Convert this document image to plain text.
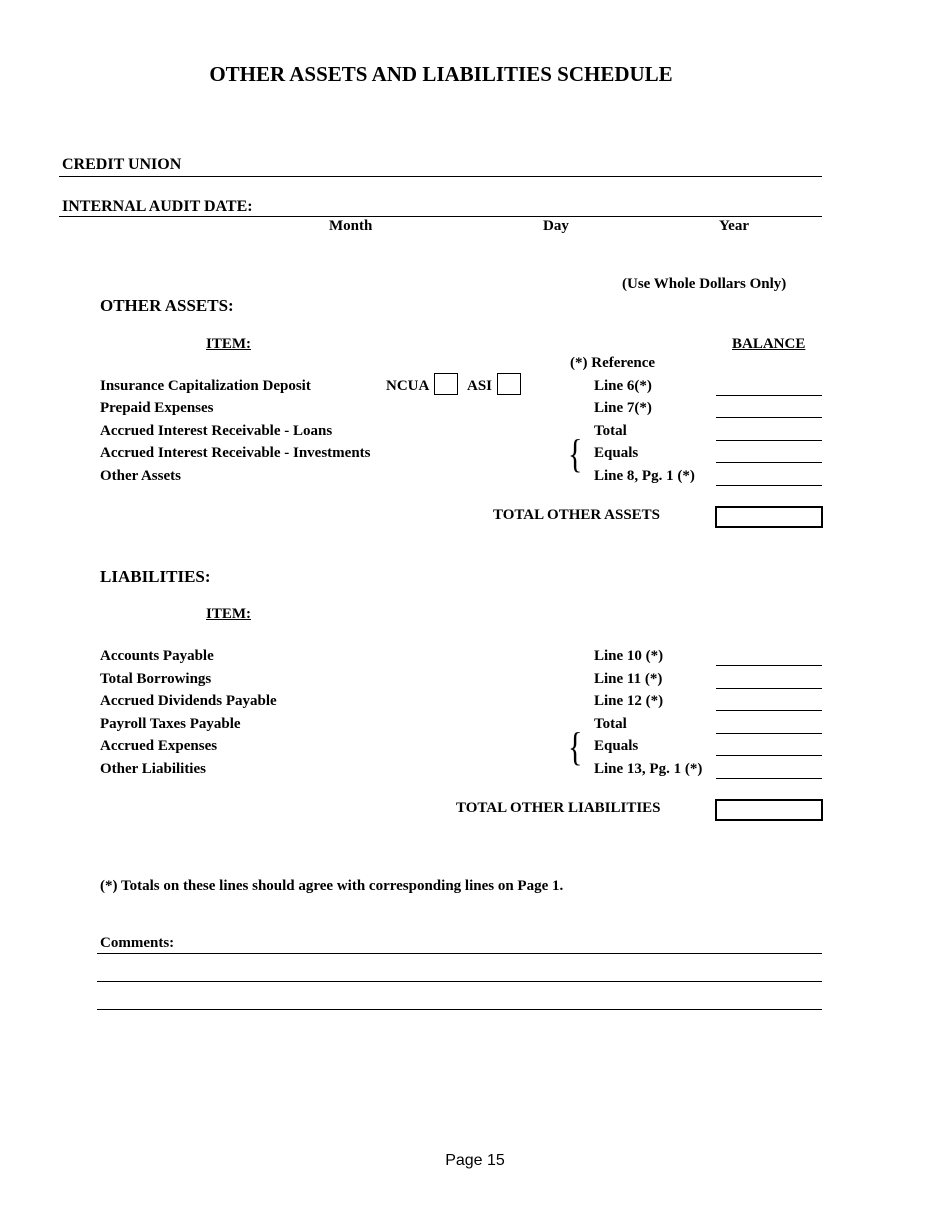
OTHER ASSETS AND LIABILITIES SCHEDULE
CREDIT UNION
INTERNAL AUDIT DATE:
Month	Day	Year
(Use Whole Dollars Only)
OTHER ASSETS:
ITEM:	BALANCE
(*) Reference
Insurance Capitalization Deposit	NCUA	ASI	Line 6(*)
Prepaid Expenses	Line 7(*)
Accrued Interest Receivable - Loans	Total
Accrued Interest Receivable - Investments	{ Equals
Other Assets	Line 8, Pg. 1 (*)
TOTAL OTHER ASSETS
LIABILITIES:
ITEM:
Accounts Payable	Line 10 (*)
Total Borrowings	Line 11 (*)
Accrued Dividends Payable	Line 12 (*)
Payroll Taxes Payable	Total
Accrued Expenses	{ Equals
Other Liabilities	Line 13, Pg. 1 (*)
TOTAL OTHER LIABILITIES
(*) Totals on these lines should agree with corresponding lines on Page 1.
Comments:
Page 15
